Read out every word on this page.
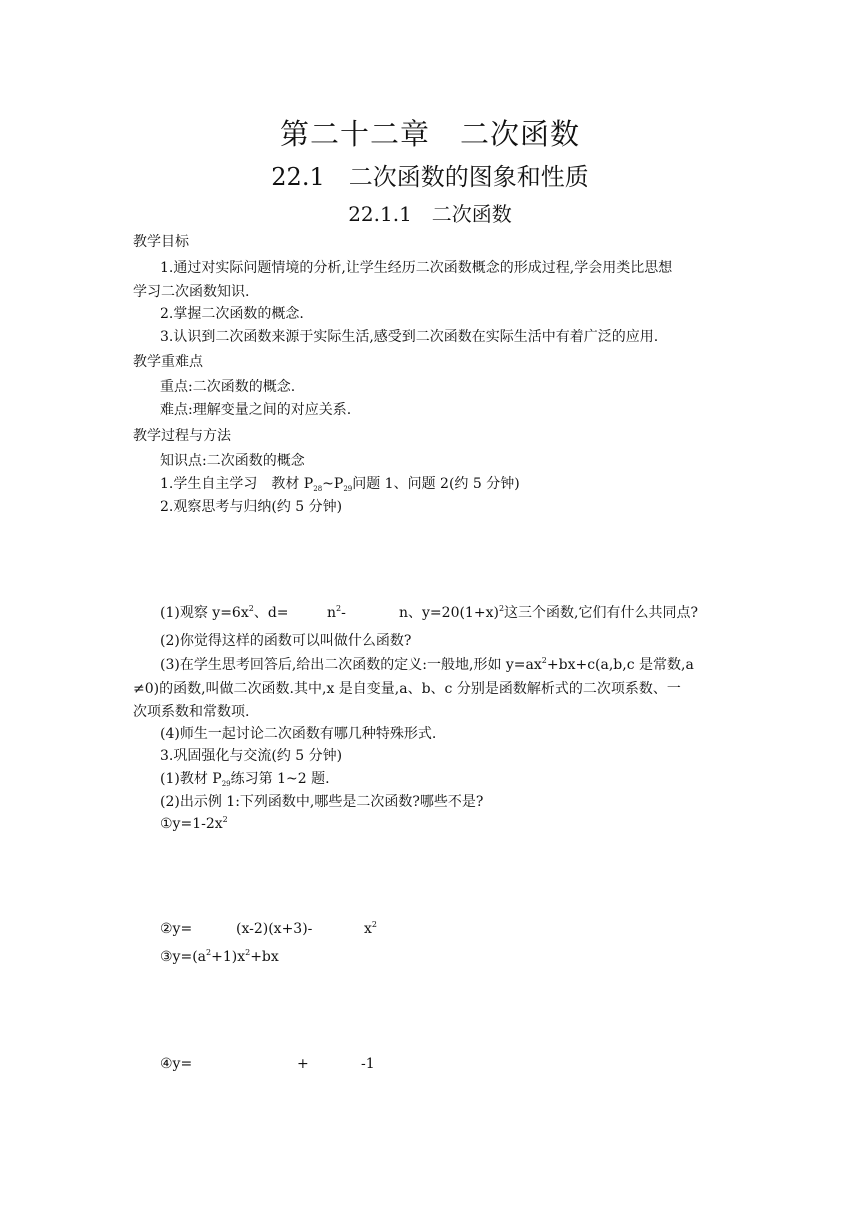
第二十二章　二次函数
22.1　二次函数的图象和性质
22.1.1　二次函数
教学目标
1.通过对实际问题情境的分析,让学生经历二次函数概念的形成过程,学会用类比思想
学习二次函数知识.
2.掌握二次函数的概念.
3.认识到二次函数来源于实际生活,感受到二次函数在实际生活中有着广泛的应用.
教学重难点
重点:二次函数的概念.
难点:理解变量之间的对应关系.
教学过程与方法
知识点:二次函数的概念
1.学生自主学习　教材 $P_{28}\sim P_{29}$问题 1、问题 2(约 5 分钟)
2.观察思考与归纳(约 5 分钟)
(1)观察 $y=6x^2$、d=	$n^2-$	n、$y=20(1+x)^2$这三个函数,它们有什么共同点?
(2)你觉得这样的函数可以叫做什么函数?
(3)在学生思考回答后,给出二次函数的定义:一般地,形如 $y=ax^2+bx+c(a,b,c$ 是常数,a
≠0)的函数,叫做二次函数.其中,x 是自变量,a、b、c 分别是函数解析式的二次项系数、一
次项系数和常数项.
(4)师生一起讨论二次函数有哪几种特殊形式.
3.巩固强化与交流(约 5 分钟)
(1)教材 $P_{29}$练习第 1~2 题.
(2)出示例 1:下列函数中,哪些是二次函数?哪些不是?
$①y=1-2x^2$
②y=	(x-2)(x+3)-	$x^2$
$③y=(a^2+1)x^2+bx$
④y=	+	-1
